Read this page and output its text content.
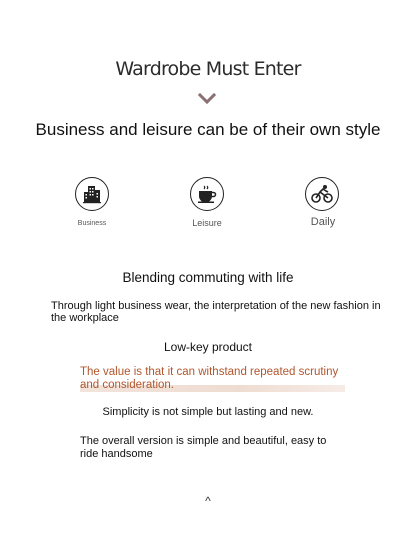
Wardrobe Must Enter
Business and leisure can be of their own style
Business	Leisure	Daily
Blending commuting with life
Through light business wear, the interpretation of the new fashion in the workplace
Low-key product
The value is that it can withstand repeated scrutiny and consideration.
Simplicity is not simple but lasting and new.
The overall version is simple and beautiful, easy to ride handsome
^
